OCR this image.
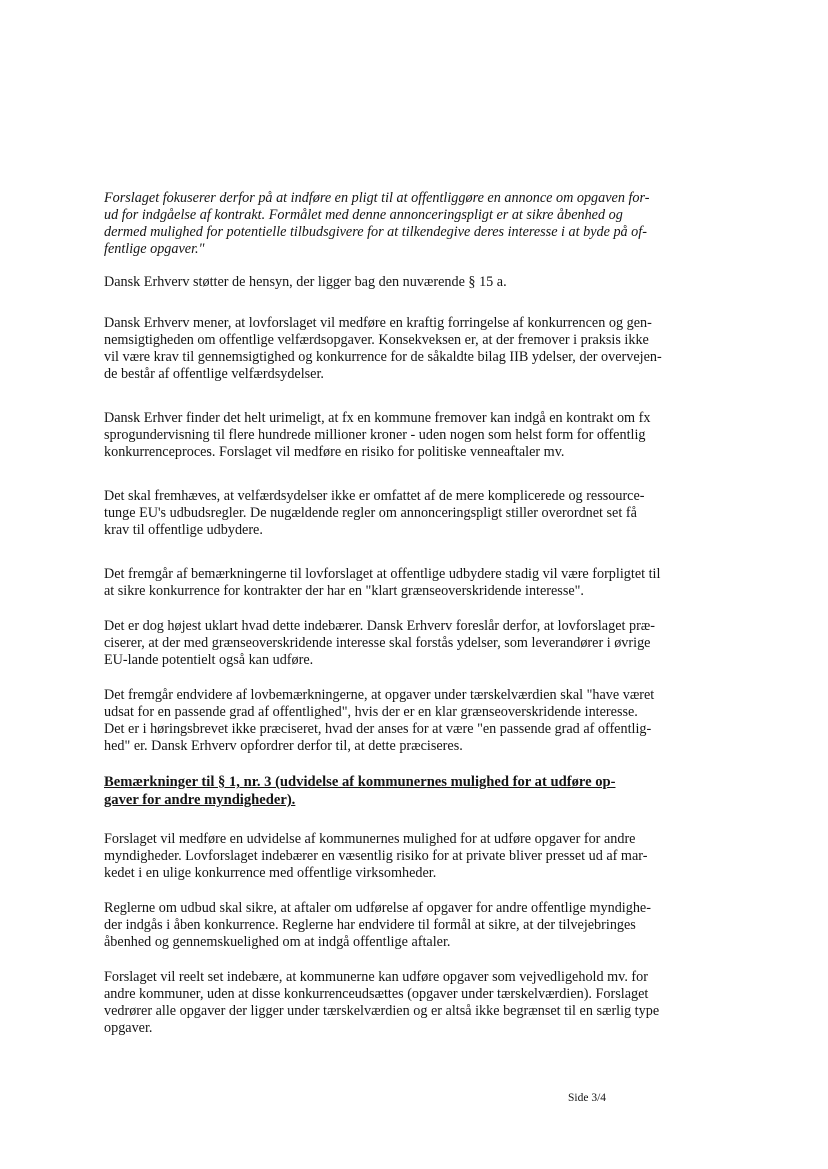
Forslaget fokuserer derfor på at indføre en pligt til at offentliggøre en annonce om opgaven for-
ud for indgåelse af kontrakt. Formålet med denne annonceringspligt er at sikre åbenhed og
dermed mulighed for potentielle tilbudsgivere for at tilkendegive deres interesse i at byde på of-
fentlige opgaver."

Dansk Erhverv støtter de hensyn, der ligger bag den nuværende § 15 a.

Dansk Erhverv mener, at lovforslaget vil medføre en kraftig forringelse af konkurrencen og gen-
nemsigtigheden om offentlige velfærdsopgaver. Konsekveksen er, at der fremover i praksis ikke
vil være krav til gennemsigtighed og konkurrence for de såkaldte bilag IIB ydelser, der overvejen-
de består af offentlige velfærdsydelser.

Dansk Erhver finder det helt urimeligt, at fx en kommune fremover kan indgå en kontrakt om fx
sprogundervisning til flere hundrede millioner kroner - uden nogen som helst form for offentlig
konkurrenceproces. Forslaget vil medføre en risiko for politiske venneaftaler mv.

Det skal fremhæves, at velfærdsydelser ikke er omfattet af de mere komplicerede og ressource-
tunge EU's udbudsregler. De nugældende regler om annonceringspligt stiller overordnet set få
krav til offentlige udbydere.

Det fremgår af bemærkningerne til lovforslaget at offentlige udbydere stadig vil være forpligtet til
at sikre konkurrence for kontrakter der har en "klart grænseoverskridende interesse".

Det er dog højest uklart hvad dette indebærer. Dansk Erhverv foreslår derfor, at lovforslaget præ-
ciserer, at der med grænseoverskridende interesse skal forstås ydelser, som leverandører i øvrige
EU-lande potentielt også kan udføre.

Det fremgår endvidere af lovbemærkningerne, at opgaver under tærskelværdien skal "have været
udsat for en passende grad af offentlighed", hvis der er en klar grænseoverskridende interesse.
Det er i høringsbrevet ikke præciseret, hvad der anses for at være "en passende grad af offentlig-
hed" er. Dansk Erhverv opfordrer derfor til, at dette præciseres.

Bemærkninger til § 1, nr. 3 (udvidelse af kommunernes mulighed for at udføre op-
gaver for andre myndigheder).

Forslaget vil medføre en udvidelse af kommunernes mulighed for at udføre opgaver for andre
myndigheder. Lovforslaget indebærer en væsentlig risiko for at private bliver presset ud af mar-
kedet i en ulige konkurrence med offentlige virksomheder.

Reglerne om udbud skal sikre, at aftaler om udførelse af opgaver for andre offentlige myndighe-
der indgås i åben konkurrence. Reglerne har endvidere til formål at sikre, at der tilvejebringes
åbenhed og gennemskuelighed om at indgå offentlige aftaler.

Forslaget vil reelt set indebære, at kommunerne kan udføre opgaver som vejvedligehold mv. for
andre kommuner, uden at disse konkurrenceudsættes (opgaver under tærskelværdien). Forslaget
vedrører alle opgaver der ligger under tærskelværdien og er altså ikke begrænset til en særlig type
opgaver.

Side 3/4
